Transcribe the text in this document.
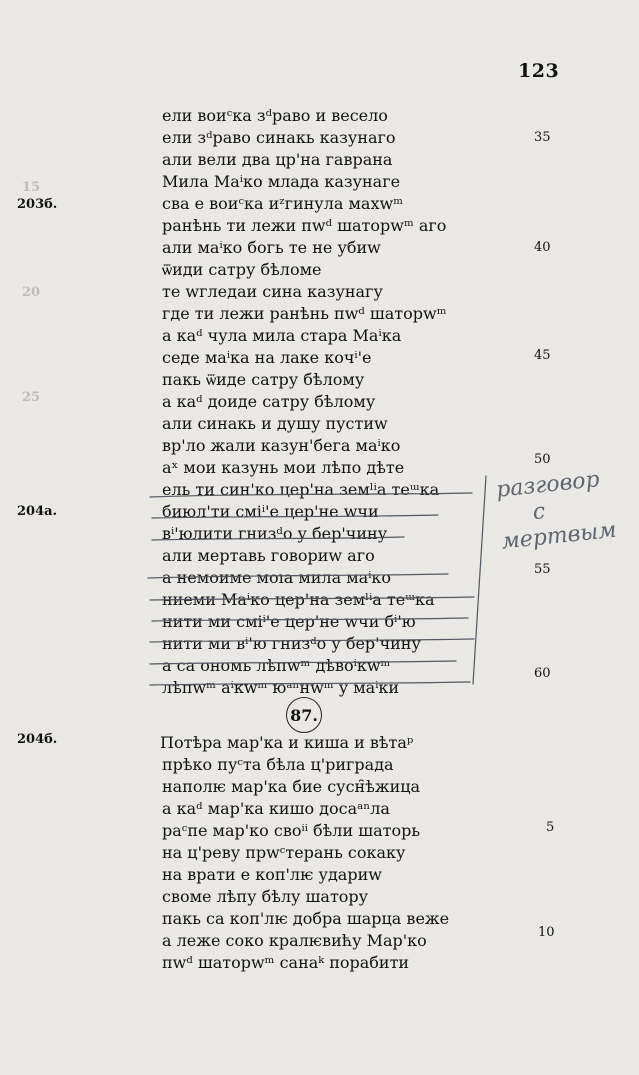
15
20
25
123
ели воиᶜка зᵈраво и весело
ели зᵈраво синакь казунаго
али вели два цр'на гаврана
Мила Маⁱко млада казунаге
сва е воиᶜка иᶻгинула махwᵐ
ранѣнь ти лежи пwᵈ шаторwᵐ аго
али маⁱко богь те не убиw
ѿиди сатру бѣломе
те wгледаи сина казунагу
где ти лежи ранѣнь пwᵈ шаторwᵐ
а каᵈ чула мила стара Маⁱка
седе маⁱка на лаке кочⁱ'е
пакь ѿиде сатру бѣлому
а каᵈ доиде сатру бѣлому
али синакь и душу пустиw
вр'ло жали казун'бега маⁱко
аˣ мои казунь мои лѣпо дѣте
ель ти син'ко цер'на земˡⁱа теᵚка
биюл'ти сміⁱ'е цер'не wчи
вⁱ'юлити гнизᵈо у бер'чину
али мертавь говориw аго
а немоиме моıа мила маⁱко
ниеми Маⁱко цер'на земˡⁱа теᵚка
нити ми сміⁱ'е цер'не wчи бⁱ'ю
нити ми вⁱ'ю гнизᵈо у бер'чину
а са ономь лѣпwᵐ дѣвоⁱкwᵐ
лѣпwᵐ аⁱкwᵐ юᵃⁿнwᵐ у маⁱки
203б.
204а.
204б.
35
40
45
50
55
60
87.
Потѣра мар'ка и киша и вѣтаᵖ
прѣко пуᶜта бѣла ц'риграда
наполѥ мар'ка бие сусн̑ѣжица
а каᵈ мар'ка кишо досаᵃⁿла
раᶜпе мар'ко своⁱⁱ бѣли шаторь
на ц'реву прwᶜтерань сокаку
на врати е коп'лѥ удариw
своме лѣпу бѣлу шатору
пакь са коп'лѥ добра шарца веже
а леже соко кралѥвићу Мар'ко
пwᵈ шаторwᵐ санаᵏ порабити
5
10
разговор
с
мертвым
